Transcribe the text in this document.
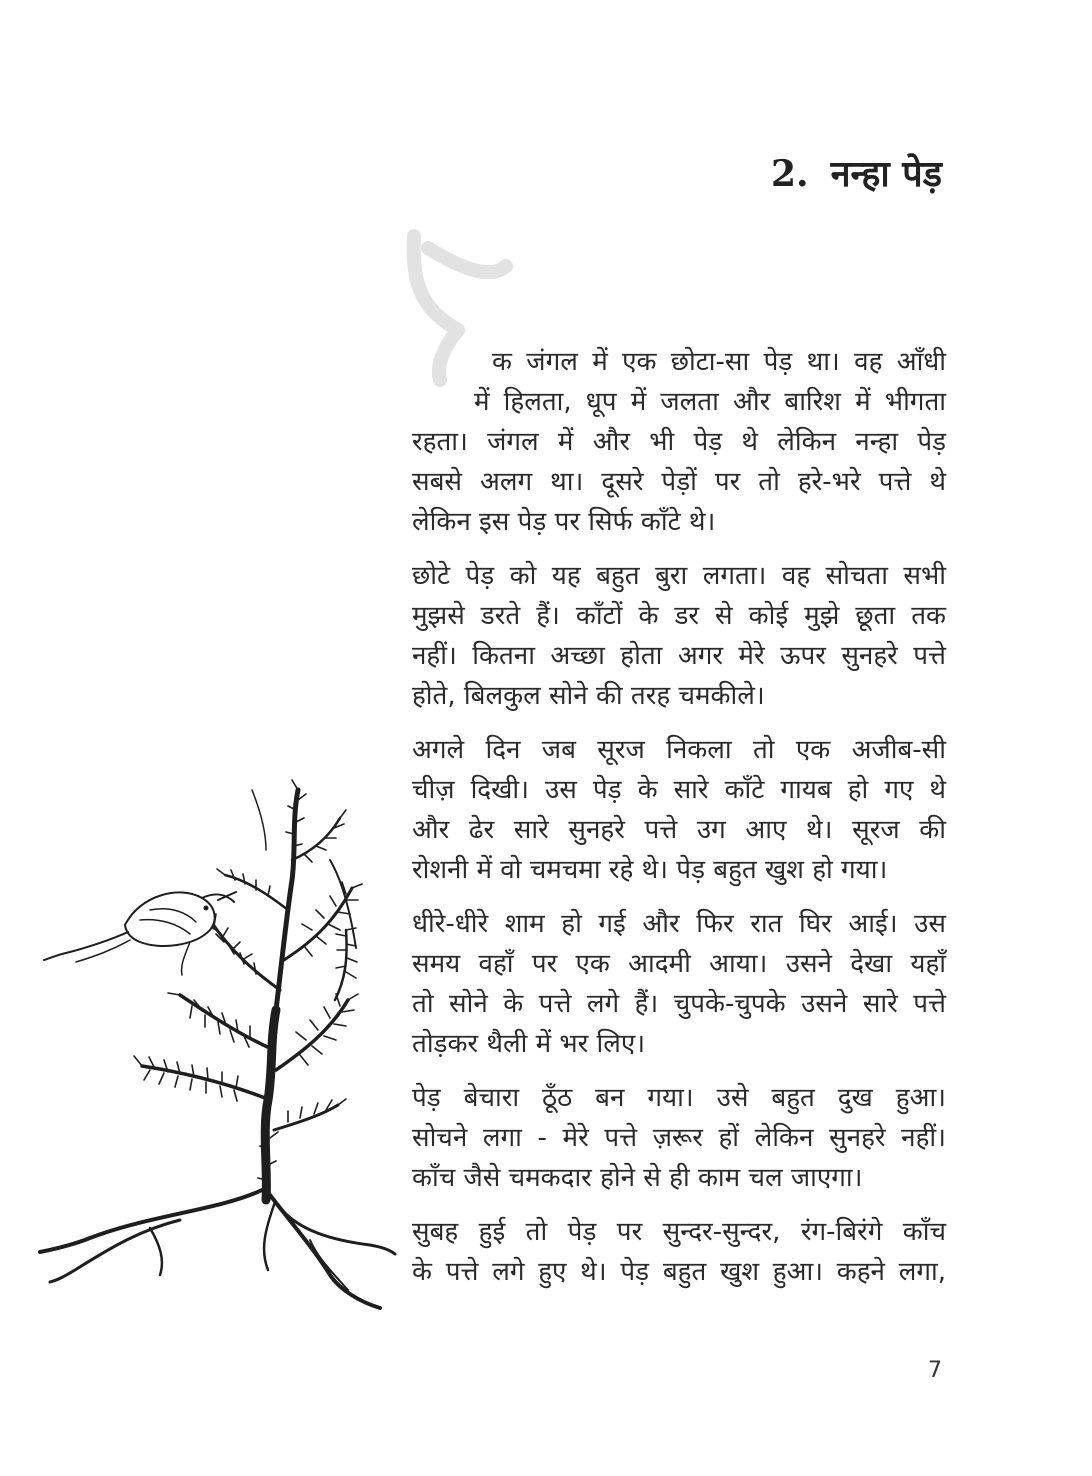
2. नन्हा पेड़
क जंगल में एक छोटा-सा पेड़ था। वह आँधी
में हिलता, धूप में जलता और बारिश में भीगता
रहता। जंगल में और भी पेड़ थे लेकिन नन्हा पेड़
सबसे अलग था। दूसरे पेड़ों पर तो हरे-भरे पत्ते थे
लेकिन इस पेड़ पर सिर्फ काँटे थे।
छोटे पेड़ को यह बहुत बुरा लगता। वह सोचता सभी
मुझसे डरते हैं। काँटों के डर से कोई मुझे छूता तक
नहीं। कितना अच्छा होता अगर मेरे ऊपर सुनहरे पत्ते
होते, बिलकुल सोने की तरह चमकीले।
अगले दिन जब सूरज निकला तो एक अजीब-सी
चीज़ दिखी। उस पेड़ के सारे काँटे गायब हो गए थे
और ढेर सारे सुनहरे पत्ते उग आए थे। सूरज की
रोशनी में वो चमचमा रहे थे। पेड़ बहुत खुश हो गया।
धीरे-धीरे शाम हो गई और फिर रात घिर आई। उस
समय वहाँ पर एक आदमी आया। उसने देखा यहाँ
तो सोने के पत्ते लगे हैं। चुपके-चुपके उसने सारे पत्ते
तोड़कर थैली में भर लिए।
पेड़ बेचारा ठूँठ बन गया। उसे बहुत दुख हुआ।
सोचने लगा - मेरे पत्ते ज़रूर हों लेकिन सुनहरे नहीं।
काँच जैसे चमकदार होने से ही काम चल जाएगा।
सुबह हुई तो पेड़ पर सुन्दर-सुन्दर, रंग-बिरंगे काँच
के पत्ते लगे हुए थे। पेड़ बहुत खुश हुआ। कहने लगा,
7
